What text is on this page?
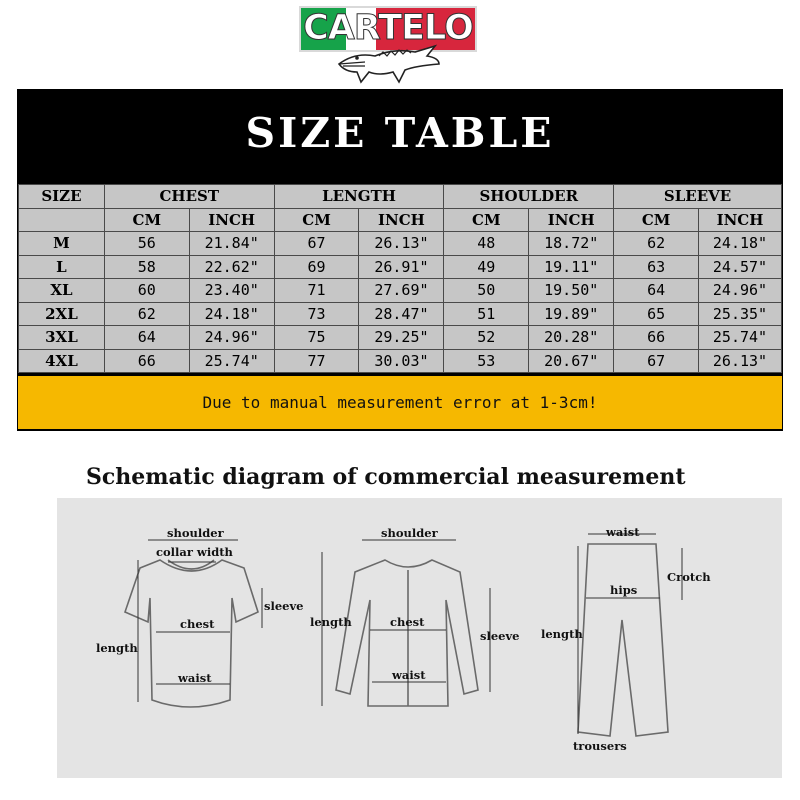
CARTELO
SIZE TABLE
SIZE	CHEST		LENGTH		SHOULDER		SLEEVE	
	CM	INCH	CM	INCH	CM	INCH	CM	INCH
M	56	21.84"	67	26.13"	48	18.72"	62	24.18"
L	58	22.62"	69	26.91"	49	19.11"	63	24.57"
XL	60	23.40"	71	27.69"	50	19.50"	64	24.96"
2XL	62	24.18"	73	28.47"	51	19.89"	65	25.35"
3XL	64	24.96"	75	29.25"	52	20.28"	66	25.74"
4XL	66	25.74"	77	30.03"	53	20.67"	67	26.13"
Due to manual measurement error at 1-3cm!
Schematic diagram of commercial measurement
shoulder
collar width
sleeve
chest
length
waist
shoulder
length	chest
sleeve
waist
waist
hips
Crotch
length
trousers
